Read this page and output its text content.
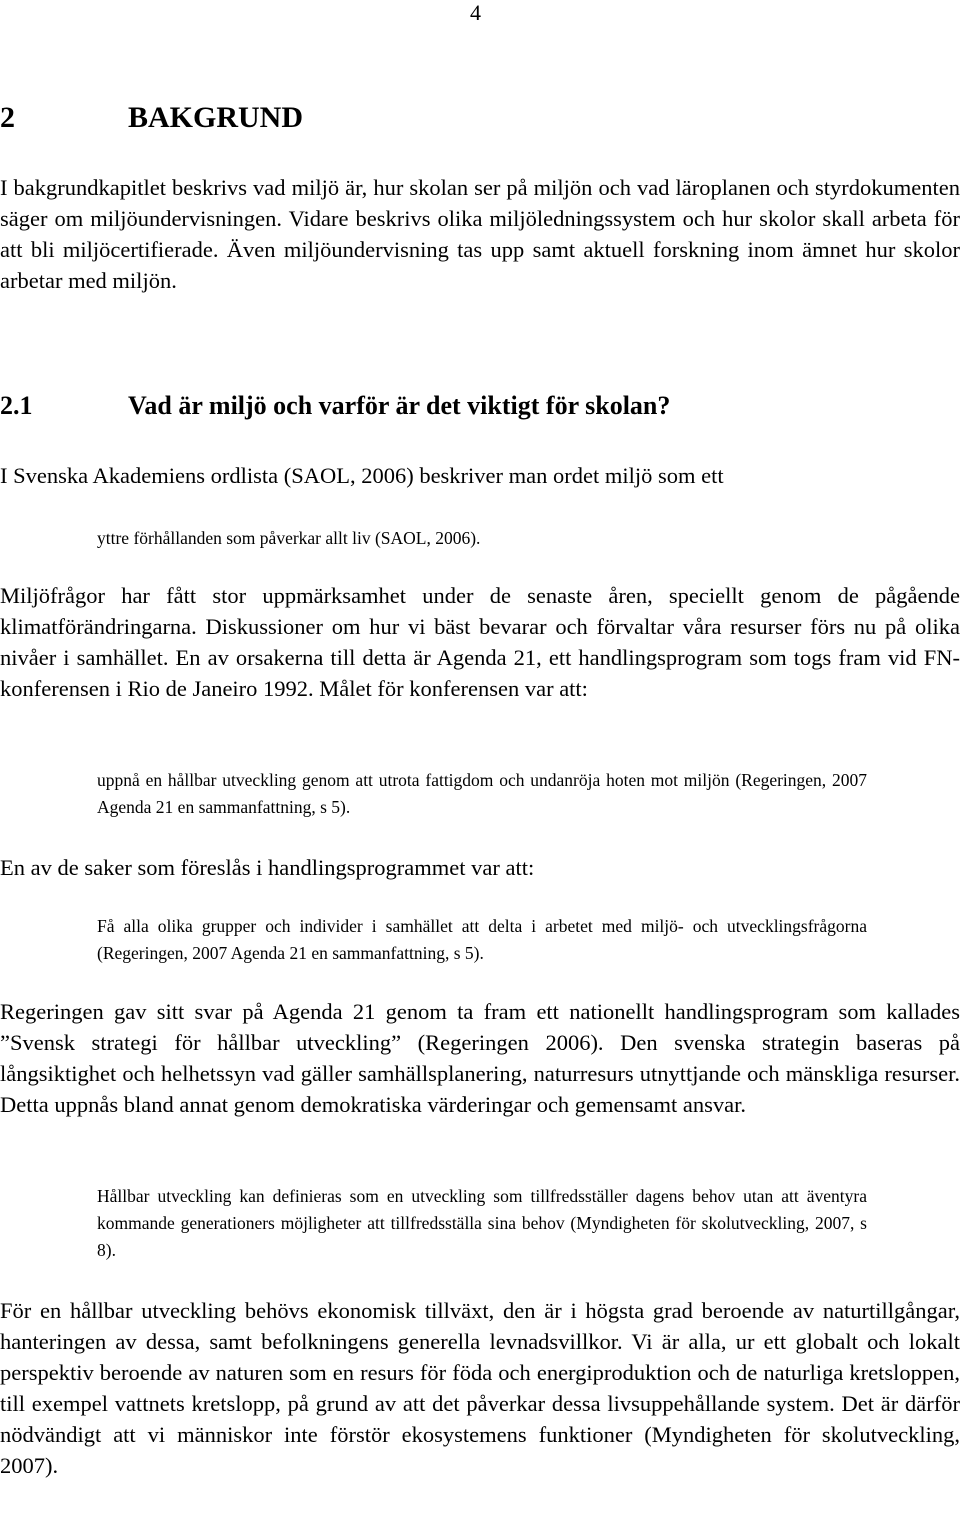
4
2	BAKGRUND
I bakgrundkapitlet beskrivs vad miljö är, hur skolan ser på miljön och vad läroplanen och styrdokumenten säger om miljöundervisningen. Vidare beskrivs olika miljöledningssystem och hur skolor skall arbeta för att bli miljöcertifierade. Även miljöundervisning tas upp samt aktuell forskning inom ämnet hur skolor arbetar med miljön.
2.1	Vad är miljö och varför är det viktigt för skolan?
I Svenska Akademiens ordlista (SAOL, 2006) beskriver man ordet miljö som ett
yttre förhållanden som påverkar allt liv (SAOL, 2006).
Miljöfrågor har fått stor uppmärksamhet under de senaste åren, speciellt genom de pågående klimatförändringarna. Diskussioner om hur vi bäst bevarar och förvaltar våra resurser förs nu på olika nivåer i samhället. En av orsakerna till detta är Agenda 21, ett handlingsprogram som togs fram vid FN-konferensen i Rio de Janeiro 1992. Målet för konferensen var att:
uppnå en hållbar utveckling genom att utrota fattigdom och undanröja hoten mot miljön (Regeringen, 2007 Agenda 21 en sammanfattning, s 5).
En av de saker som föreslås i handlingsprogrammet var att:
Få alla olika grupper och individer i samhället att delta i arbetet med miljö- och utvecklingsfrågorna (Regeringen, 2007 Agenda 21 en sammanfattning, s 5).
Regeringen gav sitt svar på Agenda 21 genom ta fram ett nationellt handlingsprogram som kallades ”Svensk strategi för hållbar utveckling” (Regeringen 2006). Den svenska strategin baseras på långsiktighet och helhetssyn vad gäller samhällsplanering, naturresurs utnyttjande och mänskliga resurser. Detta uppnås bland annat genom demokratiska värderingar och gemensamt ansvar.
Hållbar utveckling kan definieras som en utveckling som tillfredsställer dagens behov utan att äventyra kommande generationers möjligheter att tillfredsställa sina behov (Myndigheten för skolutveckling, 2007, s 8).
För en hållbar utveckling behövs ekonomisk tillväxt, den är i högsta grad beroende av naturtillgångar, hanteringen av dessa, samt befolkningens generella levnadsvillkor. Vi är alla, ur ett globalt och lokalt perspektiv beroende av naturen som en resurs för föda och energiproduktion och de naturliga kretsloppen, till exempel vattnets kretslopp, på grund av att det påverkar dessa livsuppehållande system. Det är därför nödvändigt att vi människor inte förstör ekosystemens funktioner (Myndigheten för skolutveckling, 2007).
